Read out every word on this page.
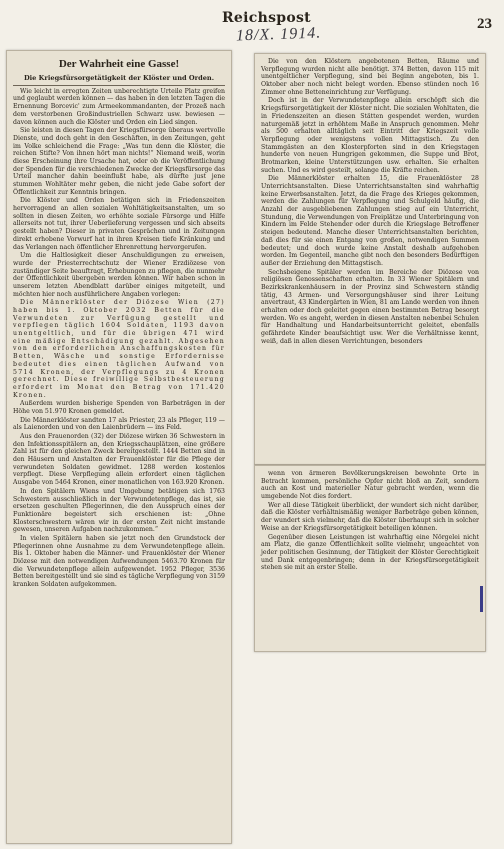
Reichspost
18/X. 1914.
23
Der Wahrheit eine Gasse!
Die Kriegsfürsorgetätigkeit der Klöster und Orden.

Wie leicht in erregten Zeiten unberechtigte Urteile Platz greifen und geglaubt werden können — das haben in den letzten Tagen die Ernennung Borcevic' zum Armeekommandanten, der Prozeß nach dem verstorbenen Großindustriellen Schwarz usw. bewiesen — davon können auch die Klöster und Orden ein Lied singen.

Sie leisten in diesen Tagen der Kriegsfürsorge überaus wertvolle Dienste, und doch geht in den Geschäften, in den Zeitungen, geht im Volke schleichend die Frage: „Was tun denn die Klöster, die reichen Stifte? Von ihnen hört man nichts!“ Niemand weiß, worin diese Erscheinung ihre Ursache hat, oder ob die Veröffentlichung der Spenden für die verschiedenen Zwecke der Kriegsfürsorge das Urteil mancher dahin beeinflußt habe, als dürfte just jene stummen Wohltäter mehr geben, die nicht jede Gabe sofort der Öffentlichkeit zur Kenntnis bringen.

Die Klöster und Orden betätigen sich in Friedenszeiten hervorragend an allen sozialen Wohltätigkeitsanstalten, um so sollten in diesen Zeiten, wo erhöhte soziale Fürsorge und Hilfe allerseits not tut, ihrer Ueberlieferung vergessen und sich abseits gestellt haben? Dieser in privaten Gesprächen und in Zeitungen direkt erhobene Vorwurf hat in ihren Kreisen tiefe Kränkung und das Verlangen nach öffentlicher Ehrenrettung hervorgerufen.

Um die Haltlosigkeit dieser Anschuldigungen zu erweisen, wurde der Priesterrechtschutz der Wiener Erzdiözese von zuständiger Seite beauftragt, Erhebungen zu pflegen, die nunmehr der Öffentlichkeit übergeben werden können. Wir haben schon in unserem letzten Abendblatt darüber einiges mitgeteilt, und möchten hier noch ausführlichere Angaben vorlegen:

Die Männerklöster der Diözese Wien (27) haben bis 1. Oktober 2032 Betten für die Verwundeten zur Verfügung gestellt und verpflegen täglich 1604 Soldaten, 1193 davon unentgeltlich, und für die übrigen 471 wird eine mäßige Entschädigung gezahlt. Abgesehen von den erforderlichen Anschaffungskosten für Betten, Wäsche und sonstige Erfordernisse bedeutet dies einen täglichen Aufwand von 5714 Kronen, der Verpflegungs zu 4 Kronen gerechnet. Diese freiwillige Selbstbesteuerung erfordert im Monat den Betrag von 171.420 Kronen.

Außerdem wurden bisherige Spenden von Barbeträgen in der Höhe von 51.970 Kronen gemeldet.

Die Männerklöster sandten 17 als Priester, 23 als Pfleger, 119 — als Laienorden und von den Laienbrüdern — ins Feld.

Aus den Frauenorden (32) der Diözese wirken 36 Schwestern in den Infektionsspitälern an, den Kriegsschauplätzen, eine größere Zahl ist für den gleichen Zweck bereitgestellt. 1444 Betten sind in den Häusern und Anstalten der Frauenklöster für die Pflege der verwundeten Soldaten gewidmet. 1288 werden kostenlos verpflegt. Diese Verpflegung allein erfordert einen täglichen Ausgabe von 5464 Kronen, einer monatlichen von 163.920 Kronen.

In den Spitälern Wiens und Umgebung betätigen sich 1763 Schwestern ausschließlich in der Verwundetenpflege, das ist, sie ersetzen geschulten Pflegerinnen, die den Ausspruch eines der Funktionäre begeistert sich erschienen ist: „Ohne Klosterschwestern wären wir in der ersten Zeit nicht imstande gewesen, unseren Aufgaben nachzukommen.“

In vielen Spitälern haben sie jetzt noch den Grundstock der Pflegerinnen ohne Ausnahme zu dem Verwundetenpflege allein. Bis 1. Oktober haben die Männer- und Frauenklöster der Wiener Diözese mit den notwendigen Aufwendungen 5463.70 Kronen für die Verwundetenpflege allein aufgewendet. 1952 Pfleger, 3536 Betten bereitgestellt und sie sind es tägliche Verpflegung von 3159 kranken Soldaten aufgekommen.

Die von den Klöstern angebotenen Betten, Räume und Verpflegung wurden nicht alle benötigt. 374 Betten, davon 115 mit unentgeltlicher Verpflegung, sind bei Beginn angeboten, bis 1. Oktober aber noch nicht belegt worden. Ebenso stünden noch 16 Zimmer ohne Betteneinrichtung zur Verfügung.

Doch ist in der Verwundetenpflege allein erschöpft sich die Kriegsfürsorgetätigkeit der Klöster nicht. Die sozialen Wohltaten, die in Friedenszeiten an diesen Stätten gespendet werden, wurden naturgemäß jetzt in erhöhtem Maße in Anspruch genommen. Mehr als 500 erhalten alltäglich seit Eintritt der Kriegszeit volle Verpflegung oder wenigstens vollen Mittagstisch. Zu den Stammgästen an den Klosterpforten sind in den Kriegstagen hunderte von neuen Hungrigen gekommen, die Suppe und Brot, Brotmarken, kleine Unterstützungen usw. erhalten. Sie erhalten suchen. Und es wird gesteilt, solange die Kräfte reichen.

Die Männerklöster erhalten 15, die Frauenklöster 28 Unterrichtsanstalten. Diese Unterrichtsanstalten sind wahrhaftig keine Erwerbsanstalten. Jetzt, da die Frage des Krieges gekommen, werden die Zahlungen für Verpflegung und Schulgeld häufig, die Anzahl der ausgebliebenen Zahlungen stieg auf ein Unterricht, Stundung, die Verwendungen von Freiplätze und Unterbringung von Kindern im Felde Stehender oder durch die Kriegslage Betroffener steigen bedeutend. Manche dieser Unterrichtsanstalten berichten, daß dies für sie einen Entgang von großen, notwendigen Summen bedeutet; und doch wurde keine Anstalt deshalb aufgehoben worden. Im Gegenteil, manche gibt noch den besonders Bedürftigen außer der Erziehung den Mittagstisch.

Sechsbeigene Spitäler werden im Bereiche der Diözese von religiösen Genossenschaften erhalten. In 33 Wiener Spitälern und Bezirkskrankenhäusern in der Provinz sind Schwestern ständig tätig, 43 Armen- und Versorgungshäuser sind ihrer Leitung anvertraut, 43 Kindergärten in Wien, 81 am Lande werden von ihnen erhalten oder doch geleitet gegen einen bestimmten Betrag besorgt werden. Wo es angeht, werden in diesen Anstalten nebenbei Schulen für Handhaltung und Handarbeitsunterricht geleitet, ebenfalls gefährdete Kinder beaufsichtigt usw. Wer die Verhältnisse kennt, weiß, daß in allen diesen Verrichtungen, besonders

wenn von ärmeren Bevölkerungskreisen bewohnte Orte in Betracht kommen, persönliche Opfer nicht bloß an Zeit, sondern auch an Kost und materieller Natur gebracht werden, wenn die umgebende Not dies fordert.

Wer all diese Tätigkeit überblickt, der wundert sich nicht darüber, daß die Klöster verhältnismäßig weniger Barbeträge geben können, der wundert sich vielmehr, daß die Klöster überhaupt sich in solcher Weise an der Kriegsfürsorgetätigkeit beteiligen können.

Gegenüber diesen Leistungen ist wahrhaftig eine Nörgelei nicht am Platz, die ganze Öffentlichkeit sollte vielmehr, ungeachtet von jeder politischen Gesinnung, der Tätigkeit der Klöster Gerechtigkeit und Dank entgegenbringen; denn in der Kriegsfürsorgetätigkeit stehen sie mit an erster Stelle.
